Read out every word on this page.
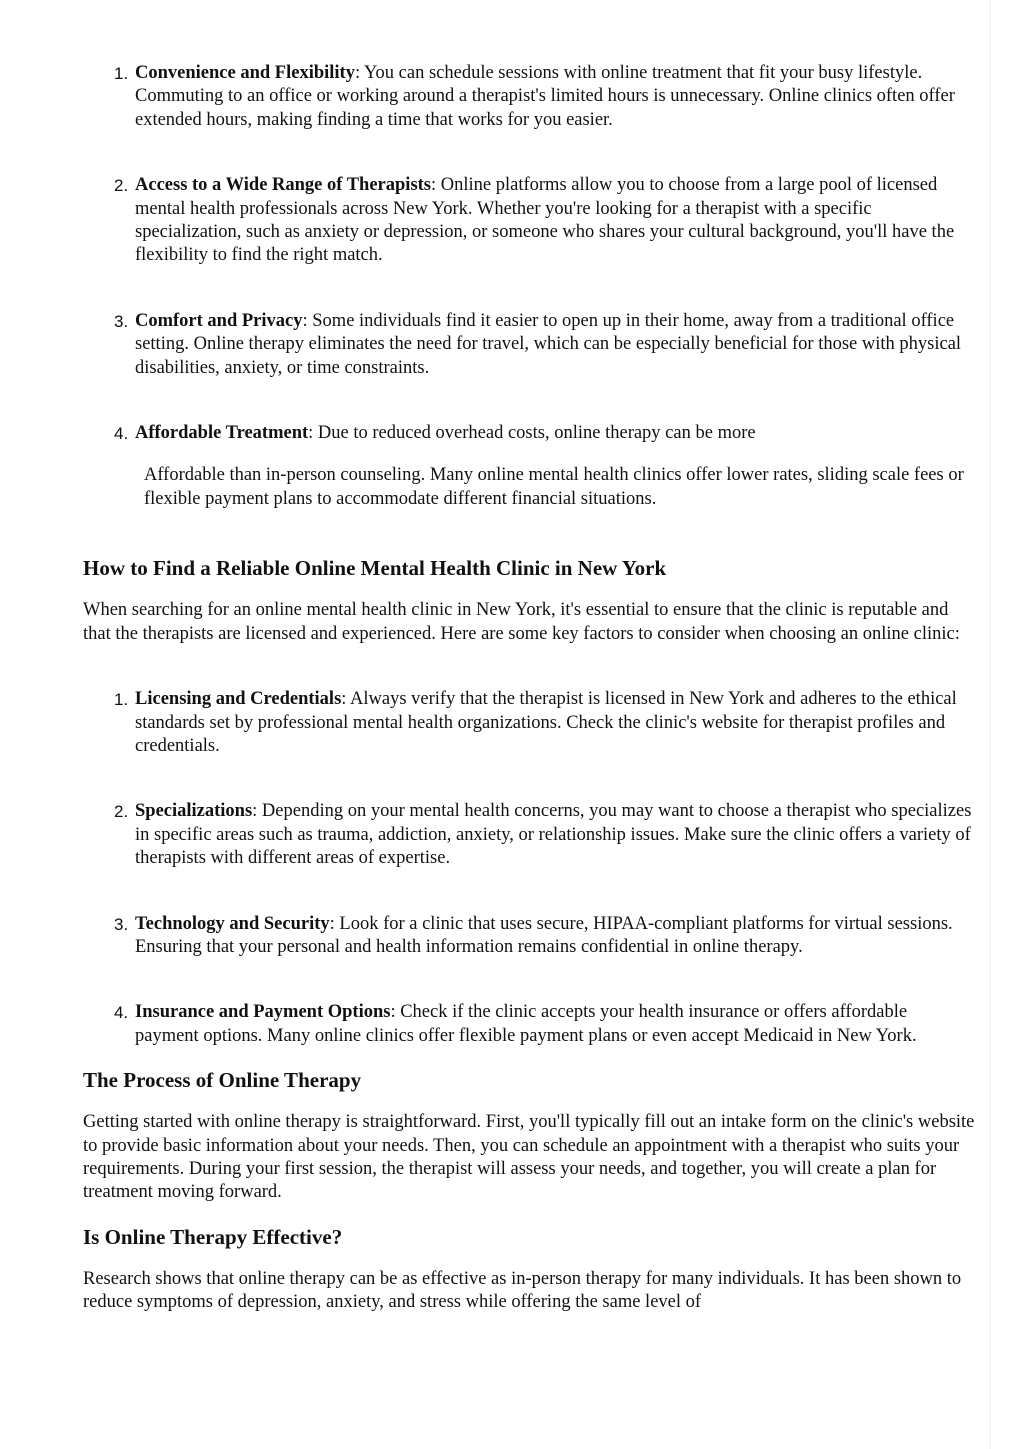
1. Convenience and Flexibility: You can schedule sessions with online treatment that fit your busy lifestyle. Commuting to an office or working around a therapist's limited hours is unnecessary. Online clinics often offer extended hours, making finding a time that works for you easier.
2. Access to a Wide Range of Therapists: Online platforms allow you to choose from a large pool of licensed mental health professionals across New York. Whether you're looking for a therapist with a specific specialization, such as anxiety or depression, or someone who shares your cultural background, you'll have the flexibility to find the right match.
3. Comfort and Privacy: Some individuals find it easier to open up in their home, away from a traditional office setting. Online therapy eliminates the need for travel, which can be especially beneficial for those with physical disabilities, anxiety, or time constraints.
4. Affordable Treatment: Due to reduced overhead costs, online therapy can be more

Affordable than in-person counseling. Many online mental health clinics offer lower rates, sliding scale fees or flexible payment plans to accommodate different financial situations.

How to Find a Reliable Online Mental Health Clinic in New York

When searching for an online mental health clinic in New York, it's essential to ensure that the clinic is reputable and that the therapists are licensed and experienced. Here are some key factors to consider when choosing an online clinic:

1. Licensing and Credentials: Always verify that the therapist is licensed in New York and adheres to the ethical standards set by professional mental health organizations. Check the clinic's website for therapist profiles and credentials.
2. Specializations: Depending on your mental health concerns, you may want to choose a therapist who specializes in specific areas such as trauma, addiction, anxiety, or relationship issues. Make sure the clinic offers a variety of therapists with different areas of expertise.
3. Technology and Security: Look for a clinic that uses secure, HIPAA-compliant platforms for virtual sessions. Ensuring that your personal and health information remains confidential in online therapy.
4. Insurance and Payment Options: Check if the clinic accepts your health insurance or offers affordable payment options. Many online clinics offer flexible payment plans or even accept Medicaid in New York.
The Process of Online Therapy

Getting started with online therapy is straightforward. First, you'll typically fill out an intake form on the clinic's website to provide basic information about your needs. Then, you can schedule an appointment with a therapist who suits your requirements. During your first session, the therapist will assess your needs, and together, you will create a plan for treatment moving forward.

Is Online Therapy Effective?

Research shows that online therapy can be as effective as in-person therapy for many individuals. It has been shown to reduce symptoms of depression, anxiety, and stress while offering the same level of
